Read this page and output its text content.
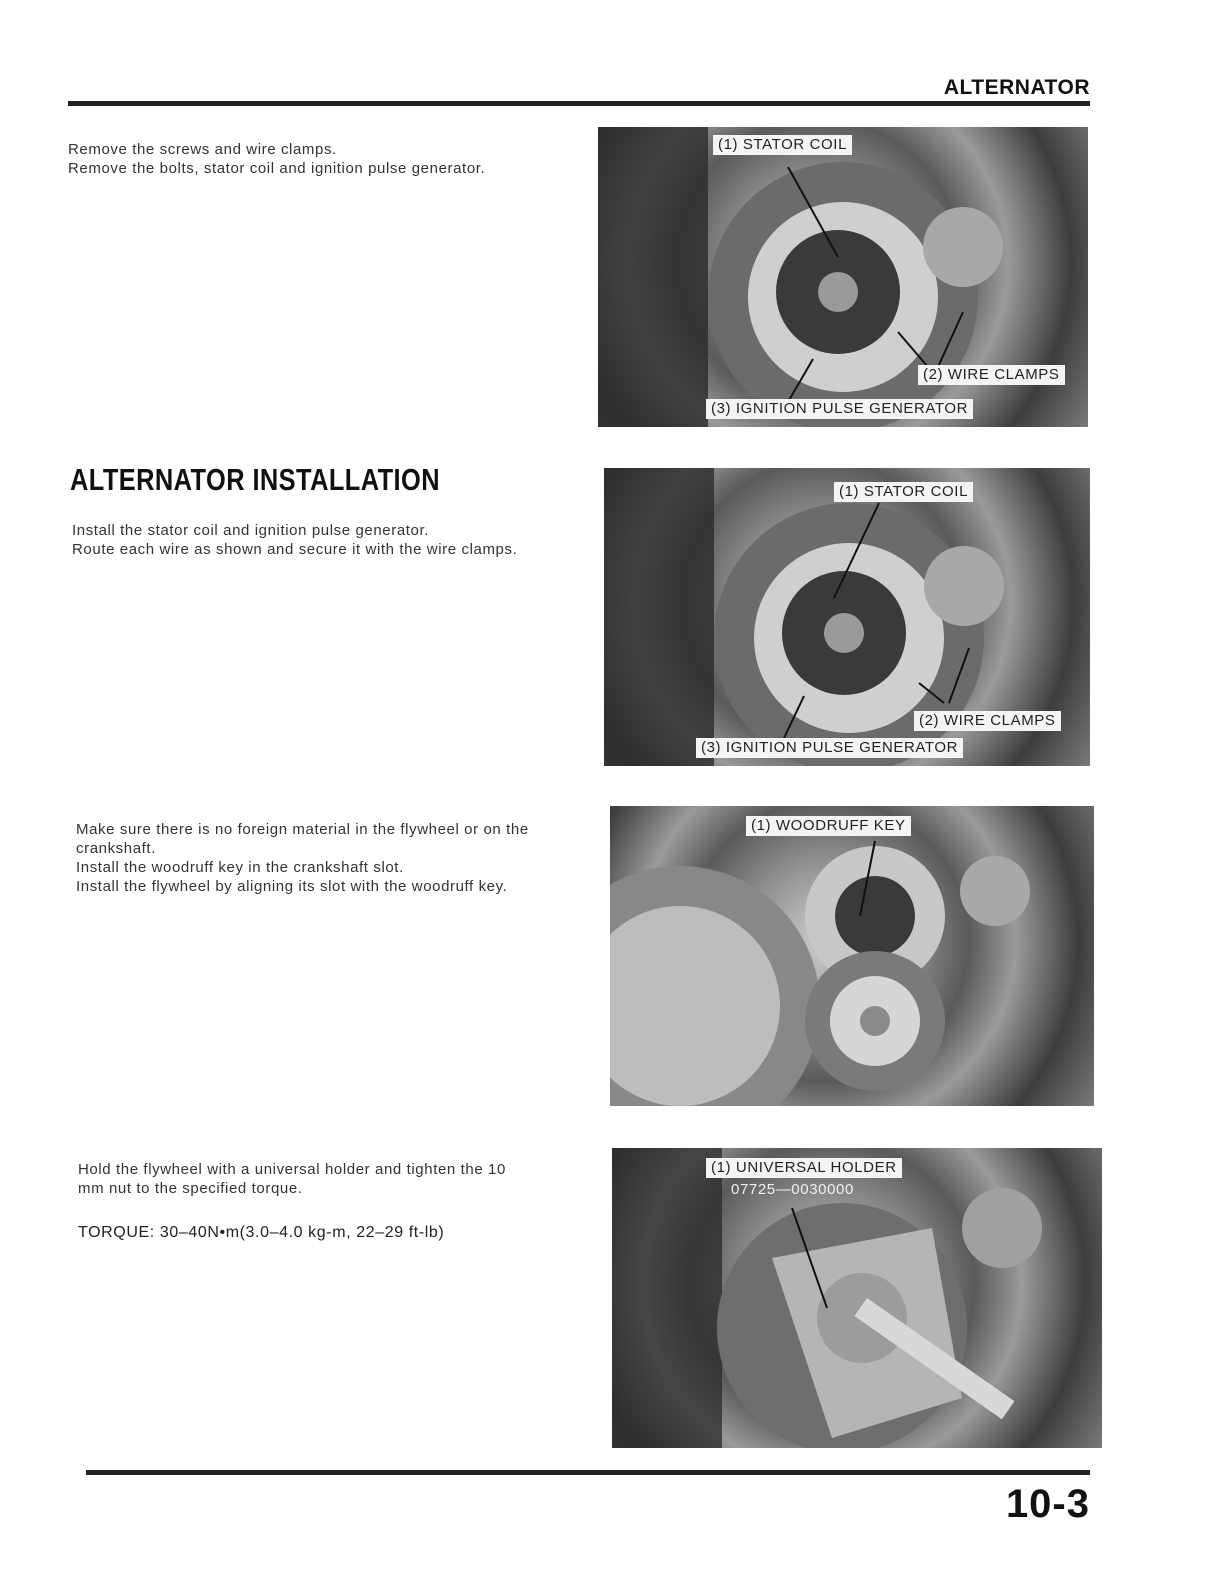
ALTERNATOR

Remove the screws and wire clamps.

Remove the bolts, stator coil and ignition pulse generator.

(1) STATOR COIL
(2) WIRE CLAMPS
(3) IGNITION PULSE GENERATOR
ALTERNATOR INSTALLATION

Install the stator coil and ignition pulse generator.

Route each wire as shown and secure it with the wire clamps.

(1) STATOR COIL
(2) WIRE CLAMPS
(3) IGNITION PULSE GENERATOR

Make sure there is no foreign material in the flywheel or on the

crankshaft.

Install the woodruff key in the crankshaft slot.

Install the flywheel by aligning its slot with the woodruff key.

(1) WOODRUFF KEY

Hold the flywheel with a universal holder and tighten the 10

mm nut to the specified torque.

TORQUE: 30–40N•m(3.0–4.0 kg-m, 22–29 ft-lb)
(1) UNIVERSAL HOLDER
07725—0030000
10-3
